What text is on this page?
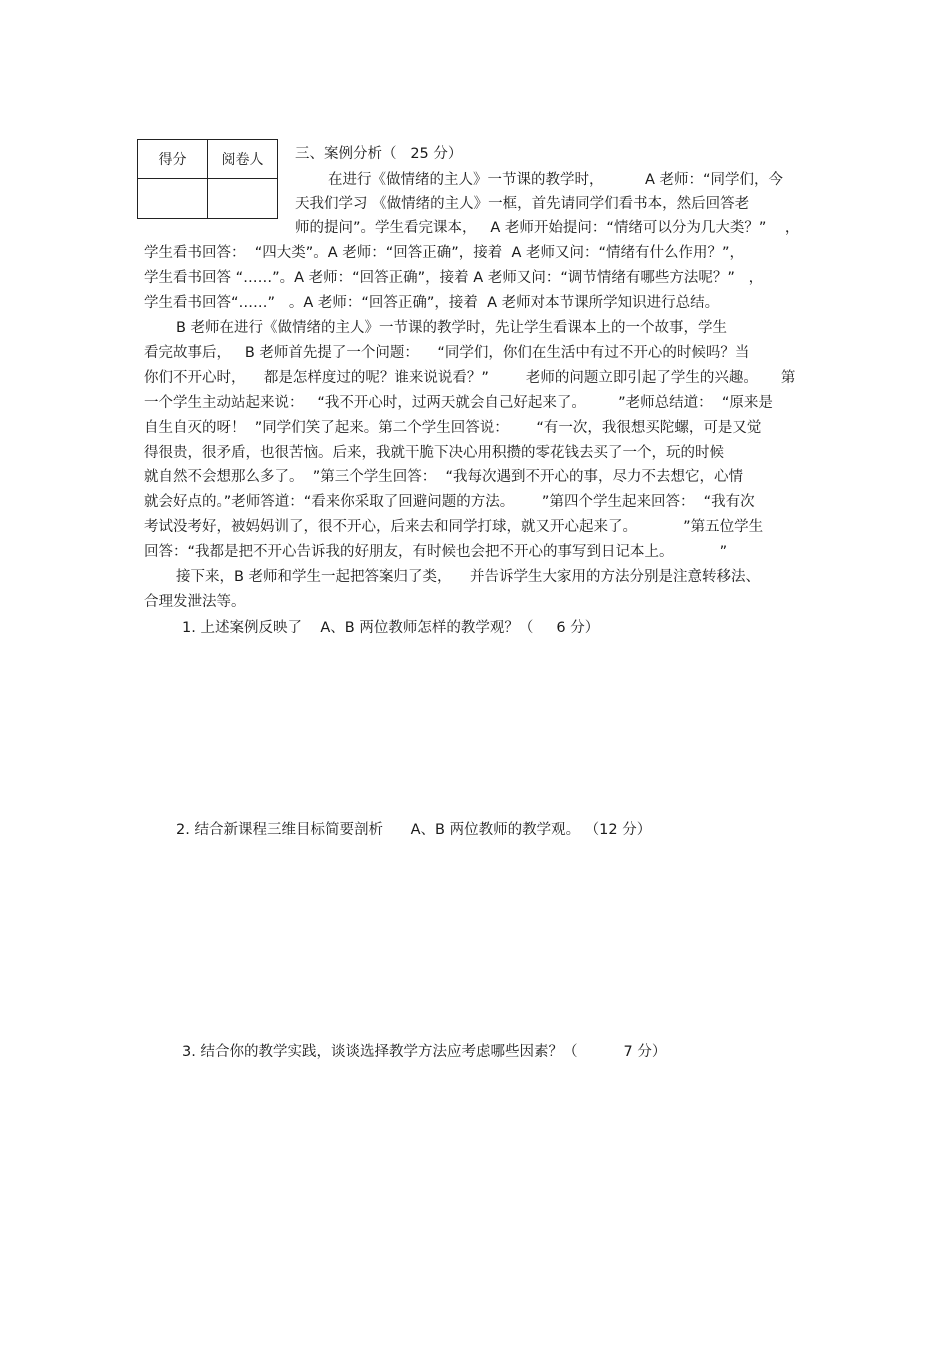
得分	阅卷人
	三、案例分析（   25 分）
在进行《做情绪的主人》一节课的教学时，         A 老师：“同学们，今
天我们学习 《做情绪的主人》一框，首先请同学们看书本，然后回答老
师的提问”。学生看完课本，   A 老师开始提问：“情绪可以分为几大类？”    ，
学生看书回答：  “四大类”。A 老师：“回答正确”，接着  A 老师又问：“情绪有什么作用？”，
学生看书回答 “……”。A 老师：“回答正确”，接着 A 老师又问：“调节情绪有哪些方法呢？”   ，
学生看书回答“……”   。A 老师：“回答正确”，接着  A 老师对本节课所学知识进行总结。
B 老师在进行《做情绪的主人》一节课的教学时，先让学生看课本上的一个故事，学生
看完故事后，   B 老师首先提了一个问题：    “同学们，你们在生活中有过不开心的时候吗？当
你们不开心时，    都是怎样度过的呢？谁来说说看？”        老师的问题立即引起了学生的兴趣。     第
一个学生主动站起来说：   “我不开心时，过两天就会自己好起来了。       ”老师总结道：  “原来是
自生自灭的呀！  ”同学们笑了起来。第二个学生回答说：      “有一次，我很想买陀螺，可是又觉
得很贵，很矛盾，也很苦恼。后来，我就干脆下决心用积攒的零花钱去买了一个，玩的时候
就自然不会想那么多了。  ”第三个学生回答：  “我每次遇到不开心的事，尽力不去想它，心情
就会好点的。”老师答道：“看来你采取了回避问题的方法。      ”第四个学生起来回答：  “我有次
考试没考好，被妈妈训了，很不开心，后来去和同学打球，就又开心起来了。          ”第五位学生
回答：“我都是把不开心告诉我的好朋友，有时候也会把不开心的事写到日记本上。          ”
接下来，B 老师和学生一起把答案归了类，    并告诉学生大家用的方法分别是注意转移法、
合理发泄法等。
1. 上述案例反映了    A、B 两位教师怎样的教学观？（     6 分）
2. 结合新课程三维目标简要剖析      A、B 两位教师的教学观。 （12 分）
3. 结合你的教学实践，谈谈选择教学方法应考虑哪些因素？（          7 分）
